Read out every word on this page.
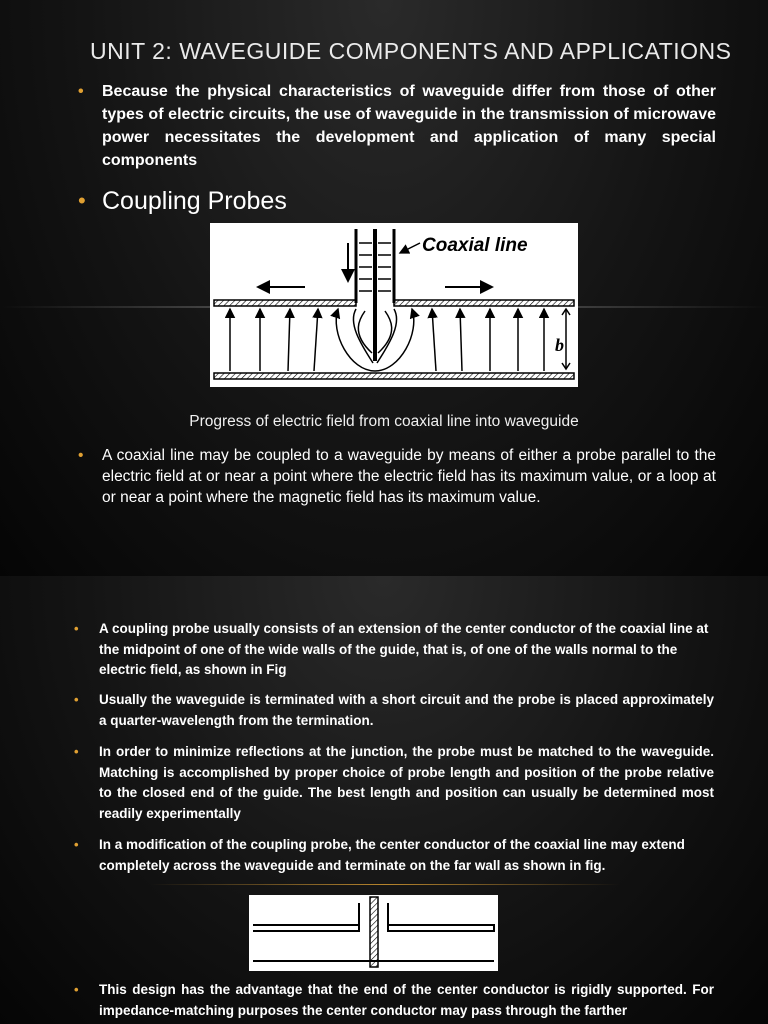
UNIT 2: WAVEGUIDE COMPONENTS AND APPLICATIONS
•	Because the physical characteristics of waveguide differ from those of other types of electric circuits, the use of waveguide in the transmission of microwave power necessitates the development and application of many special components
• Coupling Probes
Coaxial line
b
Progress of electric field from coaxial line into waveguide
•	A coaxial line may be coupled to a waveguide by means of either a probe parallel to the electric field at or near a point where the electric field has its maximum value, or a loop at or near a point where the magnetic field has its maximum value.
•	A coupling probe usually consists of an extension of the center conductor of the coaxial line at the midpoint of one of the wide walls of the guide, that is, of one of the walls normal to the electric field, as shown in Fig
•	Usually the waveguide is terminated with a short circuit and the probe is placed approximately a quarter-wavelength from the termination.
•	In order to minimize reflections at the junction, the probe must be matched to the waveguide. Matching is accomplished by proper choice of probe length and position of the probe relative to the closed end of the guide. The best length and position can usually be determined most readily experimentally
•	In a modification of the coupling probe, the center conductor of the coaxial line may extend completely across the waveguide and terminate on the far wall as shown in fig.
•	This design has the advantage that the end of the center conductor is rigidly supported. For impedance-matching purposes the center conductor may pass through the farther
